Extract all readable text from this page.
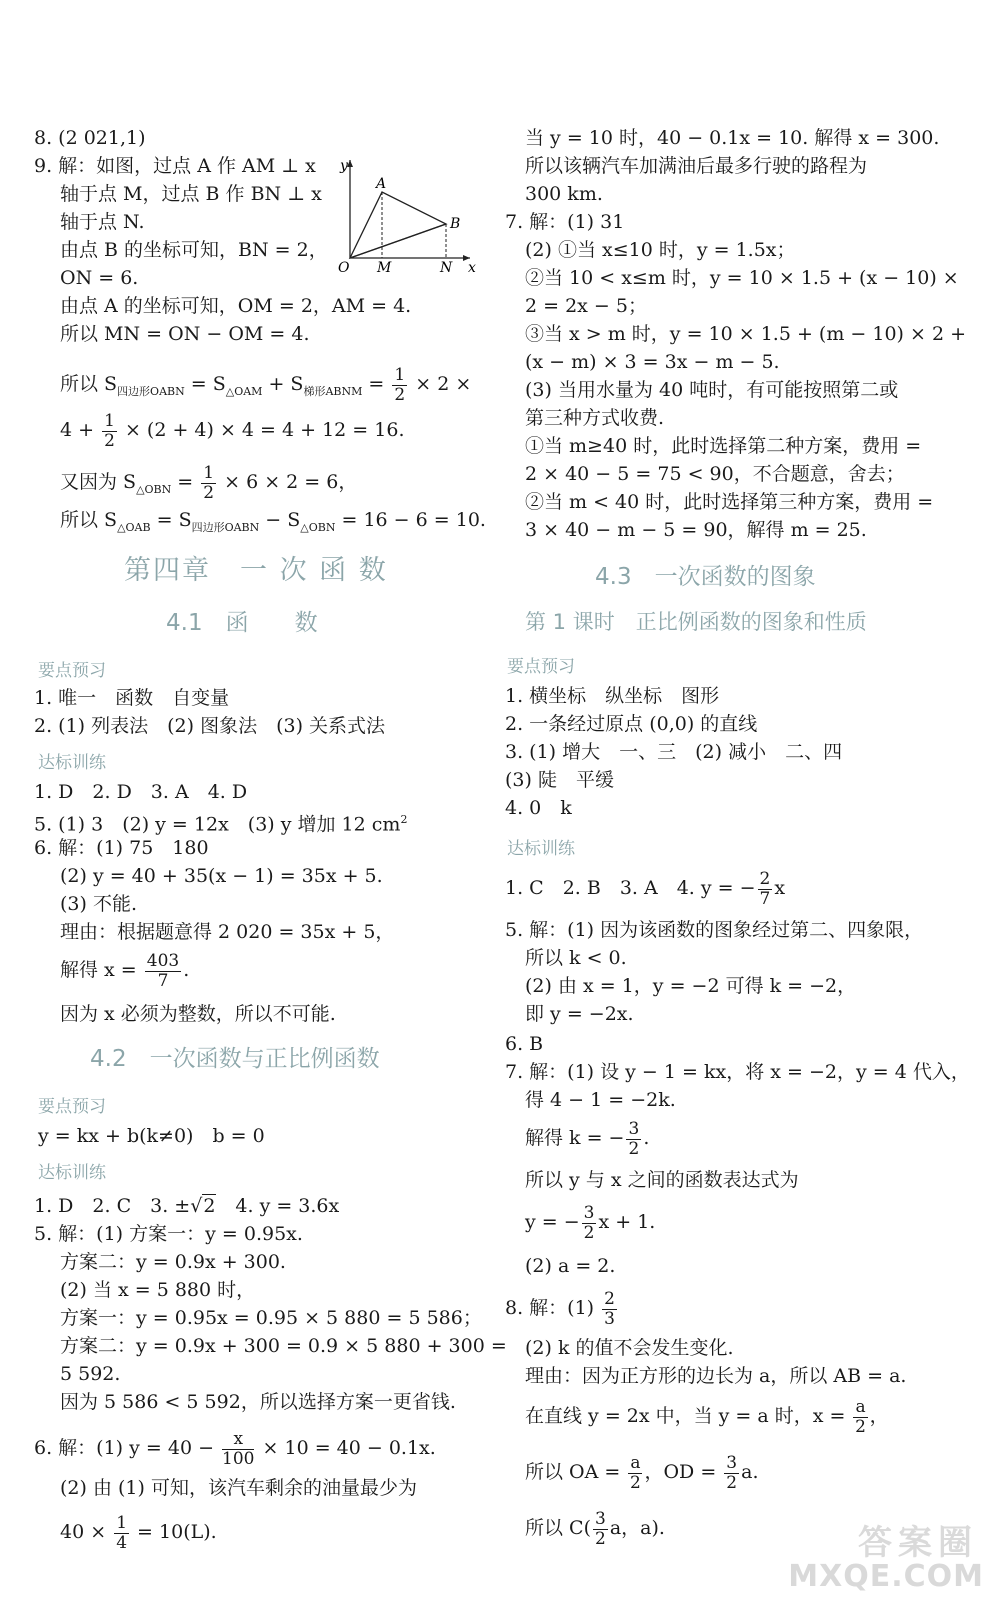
8. (2 021,1)
9. 解：如图，过点 A 作 AM ⊥ x
轴于点 M，过点 B 作 BN ⊥ x
轴于点 N.
由点 B 的坐标可知，BN = 2，
ON = 6.
由点 A 的坐标可知，OM = 2，AM = 4.
所以 MN = ON − OM = 4.
y
x
O
A
B
M	N
所以 $S_{四边形OABN} = S_{\triangle OAM} + S_{梯形ABNM} = \frac{1}{2} \times 2$ ×
$4 + \frac{1}{2} \times (2 + 4) \times 4 = 4 + 12 = 16$.
又因为 $S_{\triangle OBN} = \frac{1}{2} \times 6 \times 2 = 6$，
所以 $S_{\triangle OAB} = S_{四边形OABN} - S_{\triangle OBN} = 16 - 6 = 10$.
第四章　一 次 函 数
4.1　函　　数
要点预习
1. 唯一　函数　自变量
2. (1) 列表法　(2) 图象法　(3) 关系式法
达标训练
1. D　2. D　3. A　4. D
5. (1) 3　(2) y = 12x　(3) y 增加 12 $cm^2$
6. 解：(1) 75　180
(2) y = 40 + 35(x − 1) = 35x + 5.
(3) 不能.
理由：根据题意得 2 020 = 35x + 5，
解得 $x = \frac{403}{7}$ .
因为 x 必须为整数，所以不可能.
4.2　一次函数与正比例函数
要点预习
y = kx + b(k≠0)　b = 0
达标训练
1. D　2. C　3. ±√2　4. y = 3.6x
5. 解：(1) 方案一：y = 0.95x.
方案二：y = 0.9x + 300.
(2) 当 x = 5 880 时，
方案一：y = 0.95x = 0.95 × 5 880 = 5 586；
方案二：y = 0.9x + 300 = 0.9 × 5 880 + 300 =
5 592.
因为 5 586 < 5 592，所以选择方案一更省钱.
6. 解：(1) $y = 40 - \frac{x}{100} \times 10 = 40 - 0.1x$.
(2) 由 (1) 可知，该汽车剩余的油量最少为
$40 \times \frac{1}{4} = 10(L)$.
当 y = 10 时，40 − 0.1x = 10. 解得 x = 300.
所以该辆汽车加满油后最多行驶的路程为
300 km.
7. 解：(1) 31
(2) ①当 x≤10 时，y = 1.5x；
②当 10 < x≤m 时，y = 10 × 1.5 + (x − 10) ×
2 = 2x − 5；
③当 x > m 时，y = 10 × 1.5 + (m − 10) × 2 +
(x − m) × 3 = 3x − m − 5.
(3) 当用水量为 40 吨时，有可能按照第二或
第三种方式收费.
①当 m≥40 时，此时选择第二种方案，费用 =
2 × 40 − 5 = 75 < 90，不合题意，舍去；
②当 m < 40 时，此时选择第三种方案，费用 =
3 × 40 − m − 5 = 90，解得 m = 25.
4.3　一次函数的图象
第 1 课时　正比例函数的图象和性质
要点预习
1. 横坐标　纵坐标　图形
2. 一条经过原点 (0,0) 的直线
3. (1) 增大　一、三　(2) 减小　二、四
(3) 陡　平缓
4. 0　k
达标训练
1. C　2. B　3. A　4. y = − $\frac{2}{7}$ x
5. 解：(1) 因为该函数的图象经过第二、四象限，
所以 k < 0.
(2) 由 x = 1，y = −2 可得 k = −2，
即 y = −2x.
6. B
7. 解：(1) 设 y − 1 = kx，将 x = −2，y = 4 代入，
得 4 − 1 = −2k.
解得 k = − $\frac{3}{2}$ .
所以 y 与 x 之间的函数表达式为
y = − $\frac{3}{2}$ x + 1.
(2) a = 2.
8. 解：$(1) \frac{2}{3}$
(2) k 的值不会发生变化.
理由：因为正方形的边长为 a，所以 AB = a.
在直线 y = 2x 中，当 y = a 时，$x = \frac{a}{2}$ ，
所以 OA = $\frac{a}{2}$ ，OD = $\frac{3}{2} a$.
所以 $C( \frac{3}{2}$ a，a).	答案圈
MXQE.COM
